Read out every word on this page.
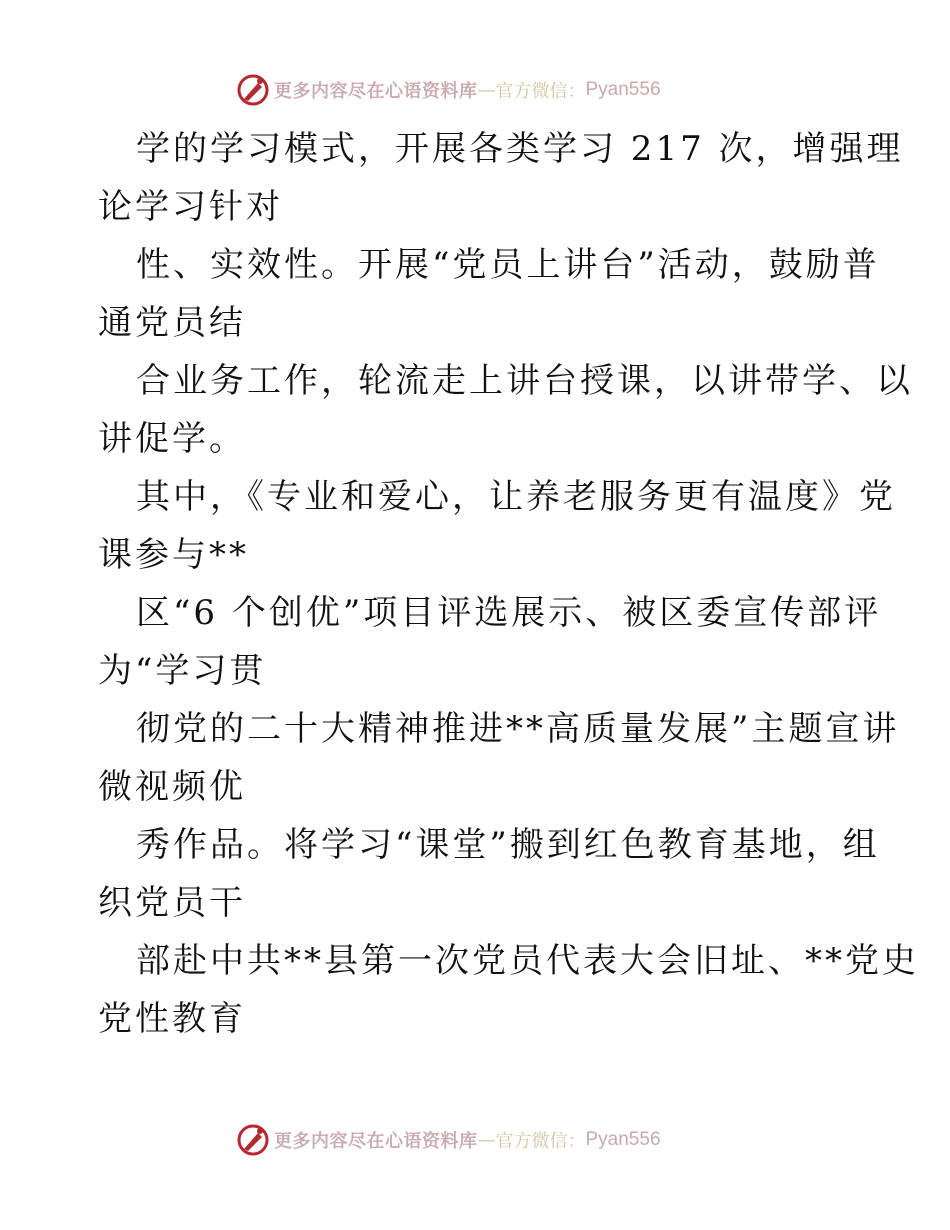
更多内容尽在心语资料库 — 官方微信： Pyan556
学的学习模式，开展各类学习 217 次，增强理
论学习针对
性、实效性。开展“党员上讲台”活动，鼓励普
通党员结
合业务工作，轮流走上讲台授课，以讲带学、以
讲促学。
其中，《专业和爱心，让养老服务更有温度》党
课参与**
区“6 个创优”项目评选展示、被区委宣传部评
为“学习贯
彻党的二十大精神推进**高质量发展”主题宣讲
微视频优
秀作品。将学习“课堂”搬到红色教育基地，组
织党员干
部赴中共**县第一次党员代表大会旧址、**党史
党性教育
更多内容尽在心语资料库 — 官方微信： Pyan556
